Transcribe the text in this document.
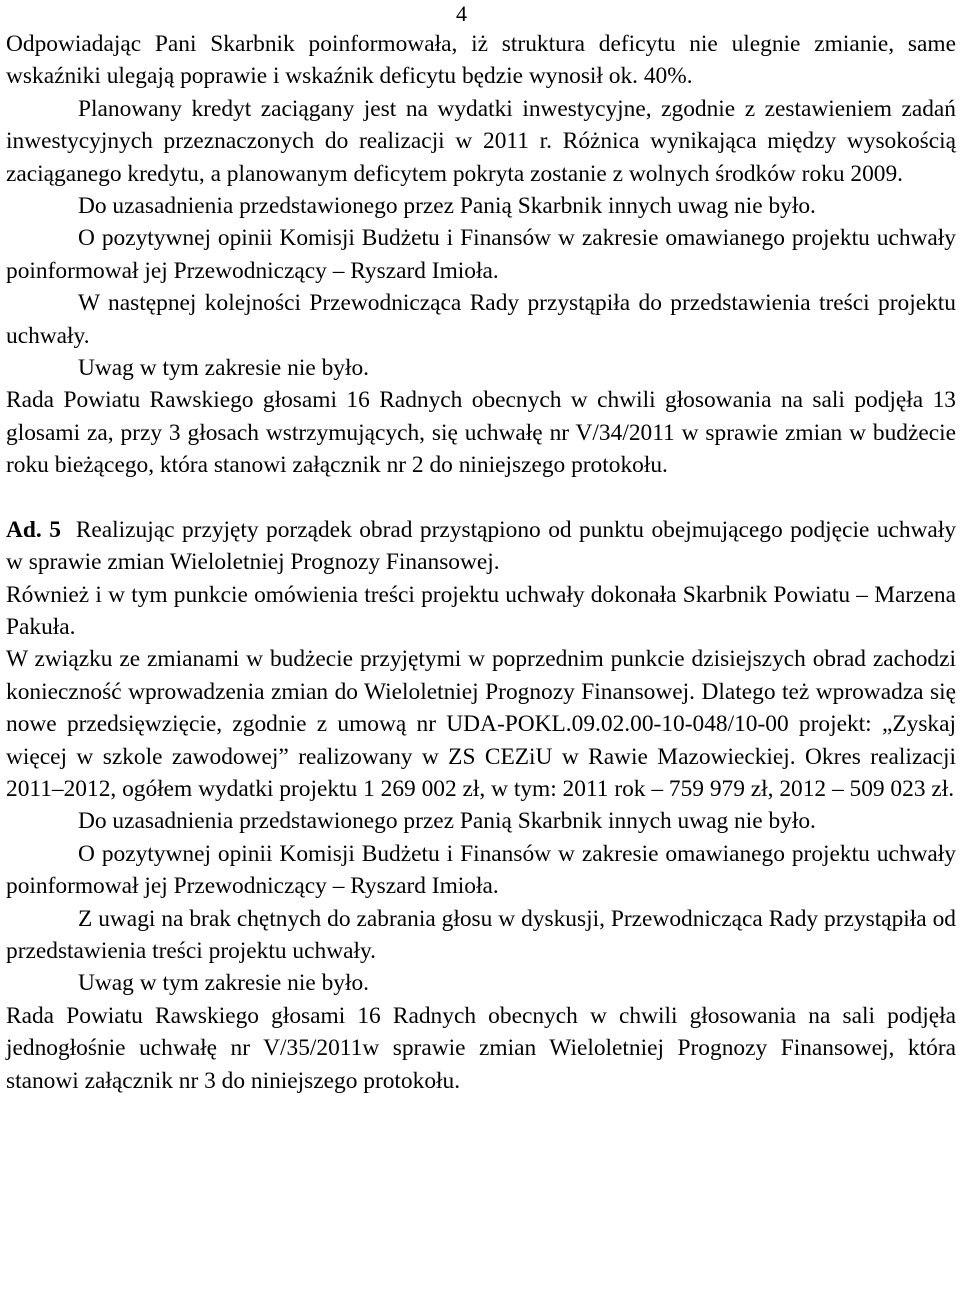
4

Odpowiadając Pani Skarbnik poinformowała, iż struktura deficytu nie ulegnie zmianie, same wskaźniki ulegają poprawie i wskaźnik deficytu będzie wynosił ok. 40%.

Planowany kredyt zaciągany jest na wydatki inwestycyjne, zgodnie z zestawieniem zadań inwestycyjnych przeznaczonych do realizacji w 2011 r. Różnica wynikająca między wysokością zaciąganego kredytu, a planowanym deficytem pokryta zostanie z wolnych środków roku 2009.

Do uzasadnienia przedstawionego przez Panią Skarbnik innych uwag nie było.

O pozytywnej opinii Komisji Budżetu i Finansów w zakresie omawianego projektu uchwały poinformował jej Przewodniczący – Ryszard Imioła.

W następnej kolejności Przewodnicząca Rady przystąpiła do przedstawienia treści projektu uchwały.

Uwag w tym zakresie nie było.

Rada Powiatu Rawskiego głosami 16 Radnych obecnych w chwili głosowania na sali podjęła 13 glosami za, przy 3 głosach wstrzymujących, się uchwałę nr V/34/2011 w sprawie zmian w budżecie roku bieżącego, która stanowi załącznik nr 2 do niniejszego protokołu.

Ad. 5 Realizując przyjęty porządek obrad przystąpiono od punktu obejmującego podjęcie uchwały w sprawie zmian Wieloletniej Prognozy Finansowej.

Również i w tym punkcie omówienia treści projektu uchwały dokonała Skarbnik Powiatu – Marzena Pakuła.

W związku ze zmianami w budżecie przyjętymi w poprzednim punkcie dzisiejszych obrad zachodzi konieczność wprowadzenia zmian do Wieloletniej Prognozy Finansowej. Dlatego też wprowadza się nowe przedsięwzięcie, zgodnie z umową nr UDA-POKL.09.02.00-10-048/10-00 projekt: „Zyskaj więcej w szkole zawodowej” realizowany w ZS CEZiU w Rawie Mazowieckiej. Okres realizacji 2011–2012, ogółem wydatki projektu 1 269 002 zł, w tym: 2011 rok – 759 979 zł, 2012 – 509 023 zł.

Do uzasadnienia przedstawionego przez Panią Skarbnik innych uwag nie było.

O pozytywnej opinii Komisji Budżetu i Finansów w zakresie omawianego projektu uchwały poinformował jej Przewodniczący – Ryszard Imioła.

Z uwagi na brak chętnych do zabrania głosu w dyskusji, Przewodnicząca Rady przystąpiła od przedstawienia treści projektu uchwały.

Uwag w tym zakresie nie było.

Rada Powiatu Rawskiego głosami 16 Radnych obecnych w chwili głosowania na sali podjęła jednogłośnie uchwałę nr V/35/2011w sprawie zmian Wieloletniej Prognozy Finansowej, która stanowi załącznik nr 3 do niniejszego protokołu.
